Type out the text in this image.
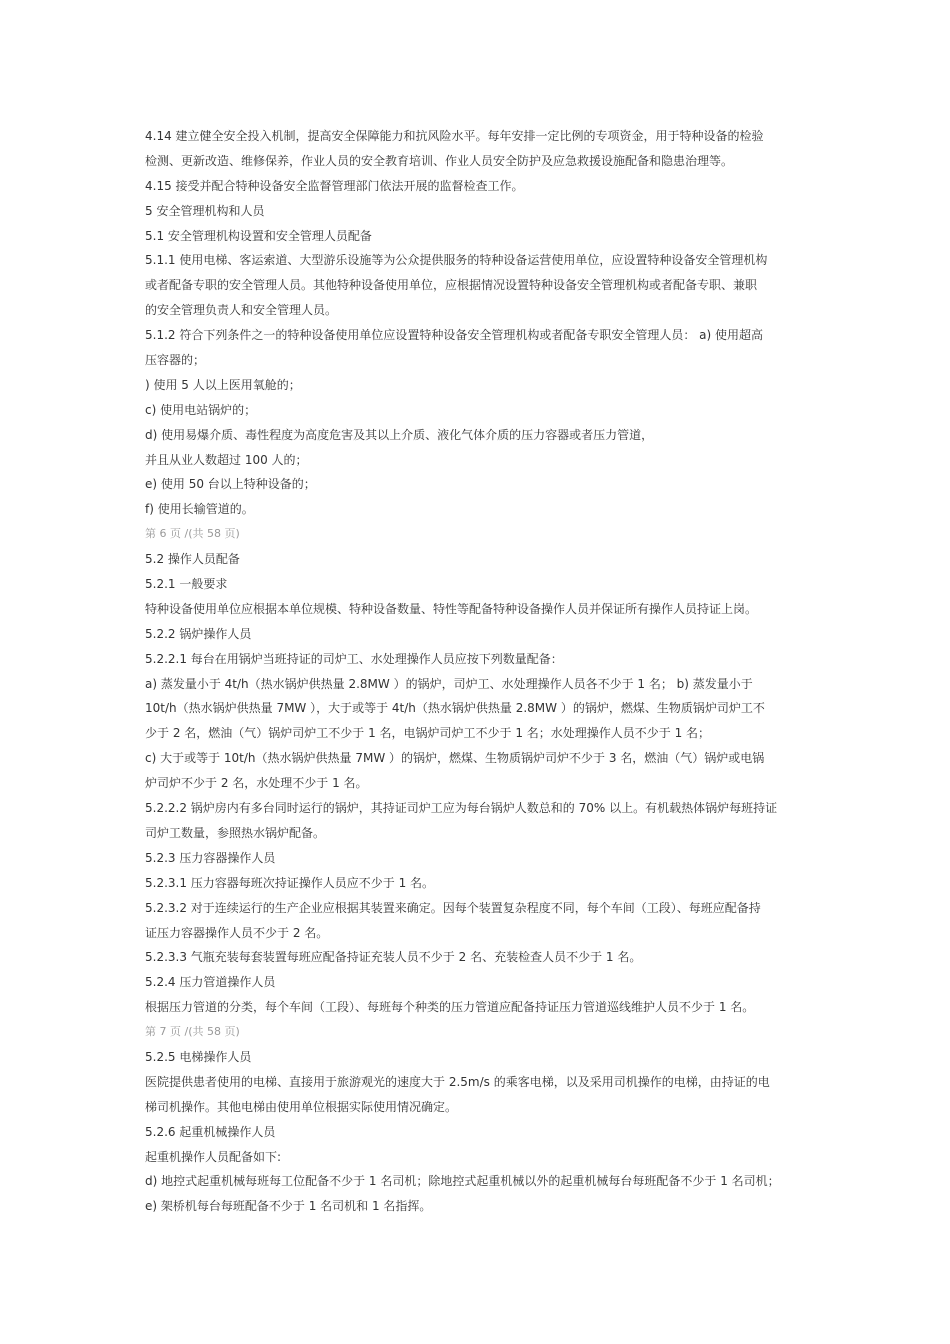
4.14 建立健全安全投入机制，提高安全保障能力和抗风险水平。每年安排一定比例的专项资金，用于特种设备的检验
检测、更新改造、维修保养，作业人员的安全教育培训、作业人员安全防护及应急救援设施配备和隐患治理等。
4.15 接受并配合特种设备安全监督管理部门依法开展的监督检查工作。
5 安全管理机构和人员
5.1 安全管理机构设置和安全管理人员配备
5.1.1 使用电梯、客运索道、大型游乐设施等为公众提供服务的特种设备运营使用单位，应设置特种设备安全管理机构
或者配备专职的安全管理人员。其他特种设备使用单位，应根据情况设置特种设备安全管理机构或者配备专职、兼职
的安全管理负责人和安全管理人员。
5.1.2 符合下列条件之一的特种设备使用单位应设置特种设备安全管理机构或者配备专职安全管理人员： a) 使用超高
压容器的；
) 使用 5 人以上医用氧舱的；
c) 使用电站锅炉的；
d) 使用易爆介质、毒性程度为高度危害及其以上介质、液化气体介质的压力容器或者压力管道，
并且从业人数超过 100 人的；
e) 使用 50 台以上特种设备的；
f) 使用长输管道的。
第 6 页 /(共 58 页)
5.2 操作人员配备
5.2.1 一般要求
特种设备使用单位应根据本单位规模、特种设备数量、特性等配备特种设备操作人员并保证所有操作人员持证上岗。
5.2.2 锅炉操作人员
5.2.2.1 每台在用锅炉当班持证的司炉工、水处理操作人员应按下列数量配备：
a) 蒸发量小于 4t/h（热水锅炉供热量 2.8MW ）的锅炉，司炉工、水处理操作人员各不少于 1 名； b) 蒸发量小于
10t/h（热水锅炉供热量 7MW ），大于或等于 4t/h（热水锅炉供热量 2.8MW ）的锅炉，燃煤、生物质锅炉司炉工不
少于 2 名，燃油（气）锅炉司炉工不少于 1 名，电锅炉司炉工不少于 1 名；水处理操作人员不少于 1 名；
c) 大于或等于 10t/h（热水锅炉供热量 7MW ）的锅炉，燃煤、生物质锅炉司炉不少于 3 名，燃油（气）锅炉或电锅
炉司炉不少于 2 名，水处理不少于 1 名。
5.2.2.2 锅炉房内有多台同时运行的锅炉，其持证司炉工应为每台锅炉人数总和的 70% 以上。有机载热体锅炉每班持证
司炉工数量，参照热水锅炉配备。
5.2.3 压力容器操作人员
5.2.3.1 压力容器每班次持证操作人员应不少于 1 名。
5.2.3.2 对于连续运行的生产企业应根据其装置来确定。因每个装置复杂程度不同，每个车间（工段）、每班应配备持
证压力容器操作人员不少于 2 名。
5.2.3.3 气瓶充装每套装置每班应配备持证充装人员不少于 2 名、充装检查人员不少于 1 名。
5.2.4 压力管道操作人员
根据压力管道的分类，每个车间（工段）、每班每个种类的压力管道应配备持证压力管道巡线维护人员不少于 1 名。
第 7 页 /(共 58 页)
5.2.5 电梯操作人员
医院提供患者使用的电梯、直接用于旅游观光的速度大于 2.5m/s 的乘客电梯，以及采用司机操作的电梯，由持证的电
梯司机操作。其他电梯由使用单位根据实际使用情况确定。
5.2.6 起重机械操作人员
起重机操作人员配备如下:
d) 地控式起重机械每班每工位配备不少于 1 名司机；除地控式起重机械以外的起重机械每台每班配备不少于 1 名司机；
e) 架桥机每台每班配备不少于 1 名司机和 1 名指挥。
